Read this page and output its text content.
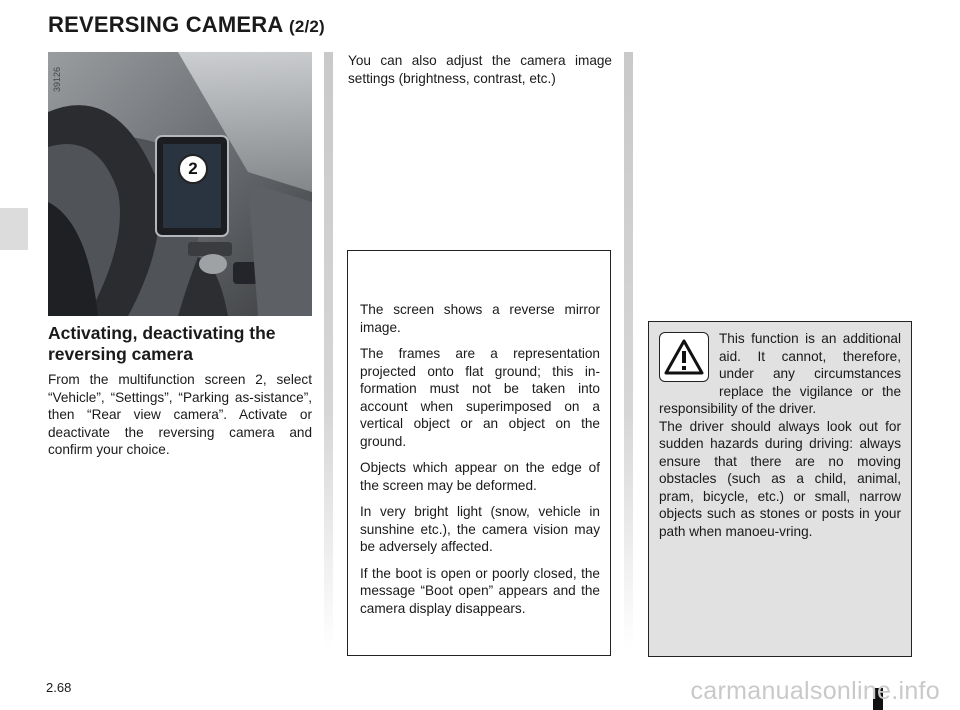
REVERSING CAMERA (2/2)
39126
2
Activating, deactivating the reversing camera

From the multifunction screen 2, select “Vehicle”, “Settings”, “Parking as-sistance”, then “Rear view camera”. Activate or deactivate the reversing camera and confirm your choice.

You can also adjust the camera image settings (brightness, contrast, etc.)

The screen shows a reverse mirror image.

The frames are a representation projected onto flat ground; this in-formation must not be taken into account when superimposed on a vertical object or an object on the ground.

Objects which appear on the edge of the screen may be deformed.

In very bright light (snow, vehicle in sunshine etc.), the camera vision may be adversely affected.

If the boot is open or poorly closed, the message “Boot open” appears and the camera display disappears.

This function is an additional aid. It cannot, therefore, under any circumstances replace the vigilance or the responsibility of the driver.

The driver should always look out for sudden hazards during driving: always ensure that there are no moving obstacles (such as a child, animal, pram, bicycle, etc.) or small, narrow objects such as stones or posts in your path when manoeu-vring.

2.68	carmanualsonline.info
